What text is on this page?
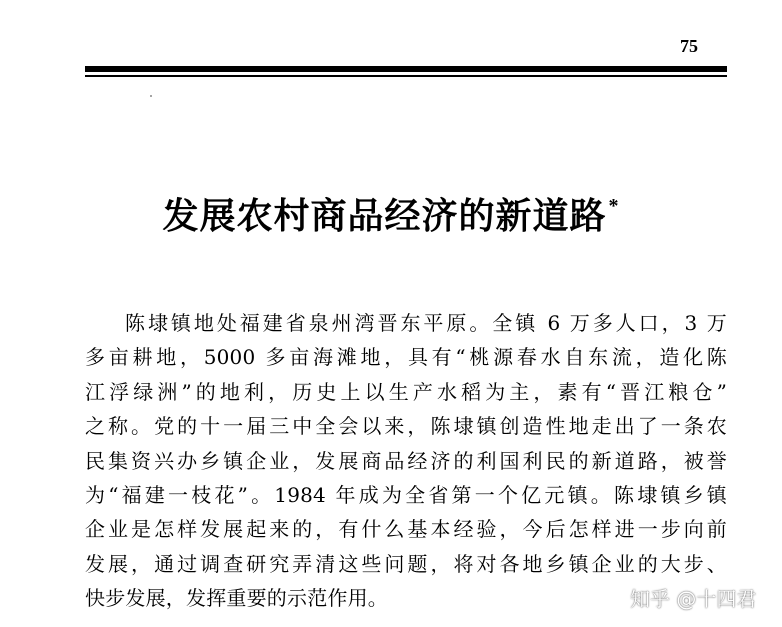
75
发展农村商品经济的新道路 *
陈埭镇地处福建省泉州湾晋东平原。全镇 6 万多人口，3 万
多亩耕地，5000 多亩海滩地，具有“桃源春水自东流，造化陈
江浮绿洲”的地利，历史上以生产水稻为主，素有“晋江粮仓”
之称。党的十一届三中全会以来，陈埭镇创造性地走出了一条农
民集资兴办乡镇企业，发展商品经济的利国利民的新道路，被誉
为“福建一枝花”。1984 年成为全省第一个亿元镇。陈埭镇乡镇
企业是怎样发展起来的，有什么基本经验，今后怎样进一步向前
发展，通过调查研究弄清这些问题，将对各地乡镇企业的大步、
快步发展，发挥重要的示范作用。	知乎 @十四君
